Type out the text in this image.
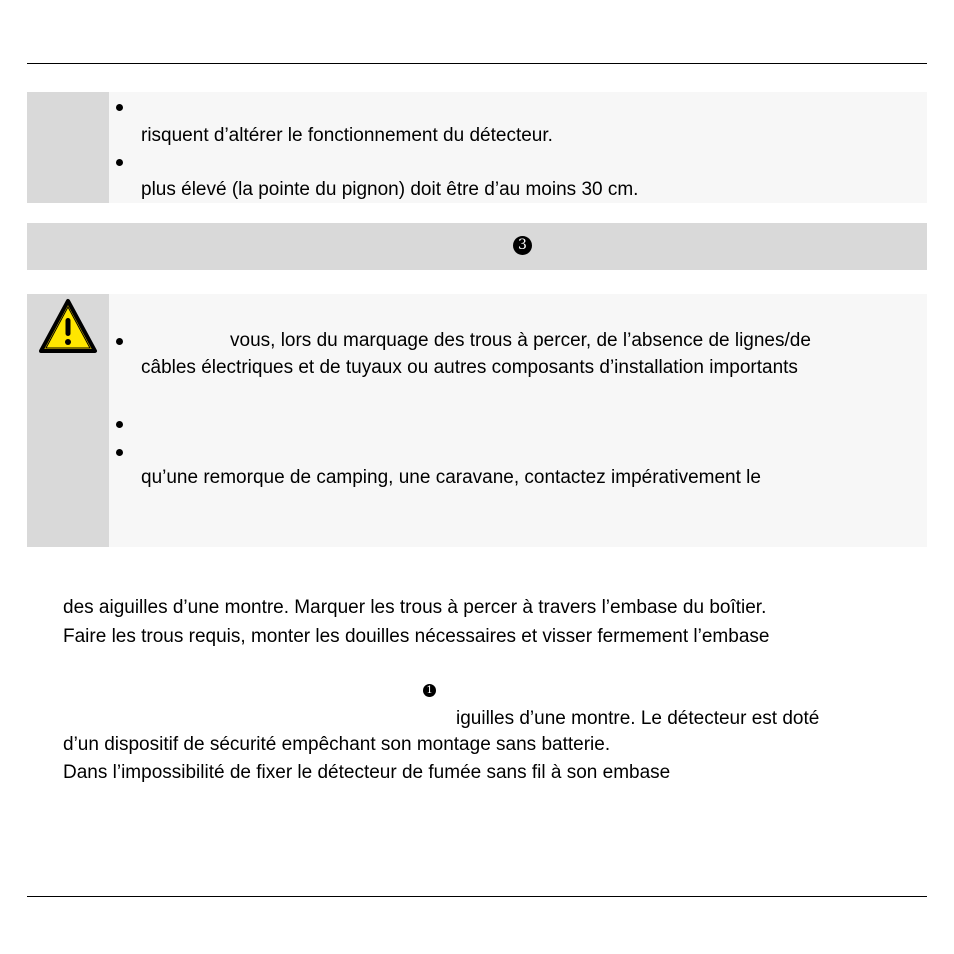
risquent d’altérer le fonctionnement du détecteur.
plus élevé (la pointe du pignon) doit être d’au moins 30 cm.
3
vous, lors du marquage des trous à percer, de l’absence de lignes/de
câbles électriques et de tuyaux ou autres composants d’installation importants
qu’une remorque de camping, une caravane, contactez impérativement le
des aiguilles d’une montre. Marquer les trous à percer à travers l’embase du boîtier.
Faire les trous requis, monter les douilles nécessaires et visser fermement l’embase
1
iguilles d’une montre. Le détecteur est doté
d’un dispositif de sécurité empêchant son montage sans batterie.
Dans l’impossibilité de fixer le détecteur de fumée sans fil à son embase
